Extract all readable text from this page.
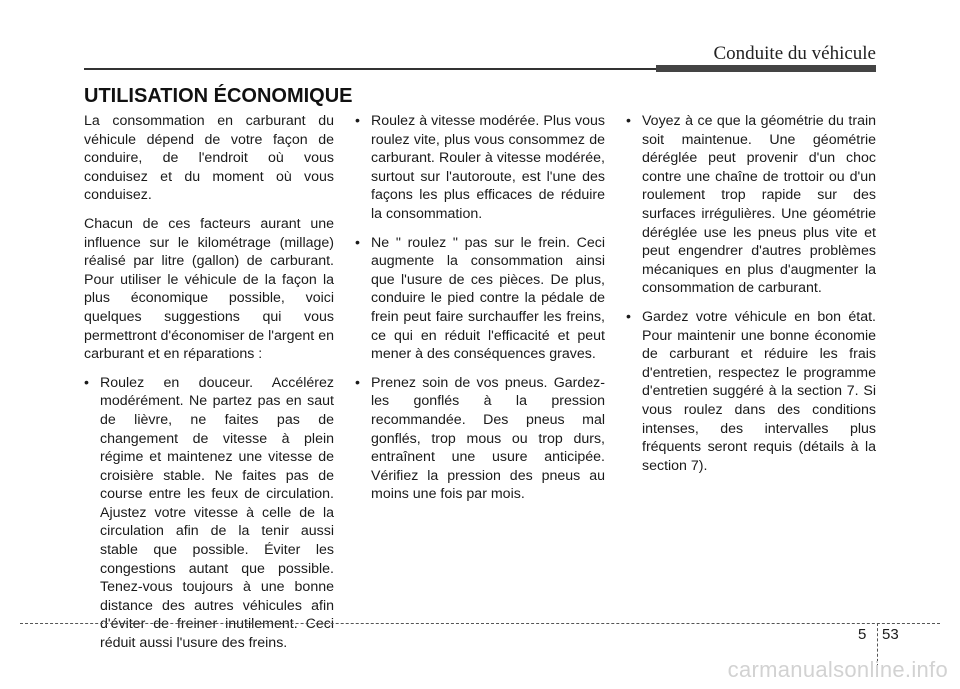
Conduite du véhicule
UTILISATION ÉCONOMIQUE

La consommation en carburant du véhicule dépend de votre façon de conduire, de l'endroit où vous conduisez et du moment où vous conduisez.

Chacun de ces facteurs aurant une influence sur le kilométrage (millage) réalisé par litre (gallon) de carburant. Pour utiliser le véhicule de la façon la plus économique possible, voici quelques suggestions qui vous permettront d'économiser de l'argent en carburant et en réparations :

• Roulez en douceur. Accélérez modérément. Ne partez pas en saut de lièvre, ne faites pas de changement de vitesse à plein régime et maintenez une vitesse de croisière stable. Ne faites pas de course entre les feux de circulation. Ajustez votre vitesse à celle de la circulation afin de la tenir aussi stable que possible. Éviter les congestions autant que possible. Tenez-vous toujours à une bonne distance des autres véhicules afin d'éviter de freiner inutilement. Ceci réduit aussi l'usure des freins.
• Roulez à vitesse modérée. Plus vous roulez vite, plus vous consommez de carburant. Rouler à vitesse modérée, surtout sur l'autoroute, est l'une des façons les plus efficaces de réduire la consommation.
• Ne " roulez " pas sur le frein. Ceci augmente la consommation ainsi que l'usure de ces pièces. De plus, conduire le pied contre la pédale de frein peut faire surchauffer les freins, ce qui en réduit l'efficacité et peut mener à des conséquences graves.
• Prenez soin de vos pneus. Gardez-les gonflés à la pression recommandée. Des pneus mal gonflés, trop mous ou trop durs, entraînent une usure anticipée. Vérifiez la pression des pneus au moins une fois par mois.
• Voyez à ce que la géométrie du train soit maintenue. Une géométrie déréglée peut provenir d'un choc contre une chaîne de trottoir ou d'un roulement trop rapide sur des surfaces irrégulières. Une géométrie déréglée use les pneus plus vite et peut engendrer d'autres problèmes mécaniques en plus d'augmenter la consommation de carburant.
• Gardez votre véhicule en bon état. Pour maintenir une bonne économie de carburant et réduire les frais d'entretien, respectez le programme d'entretien suggéré à la section 7. Si vous roulez dans des conditions intenses, des intervalles plus fréquents seront requis (détails à la section 7).
5 53
carmanualsonline.info
